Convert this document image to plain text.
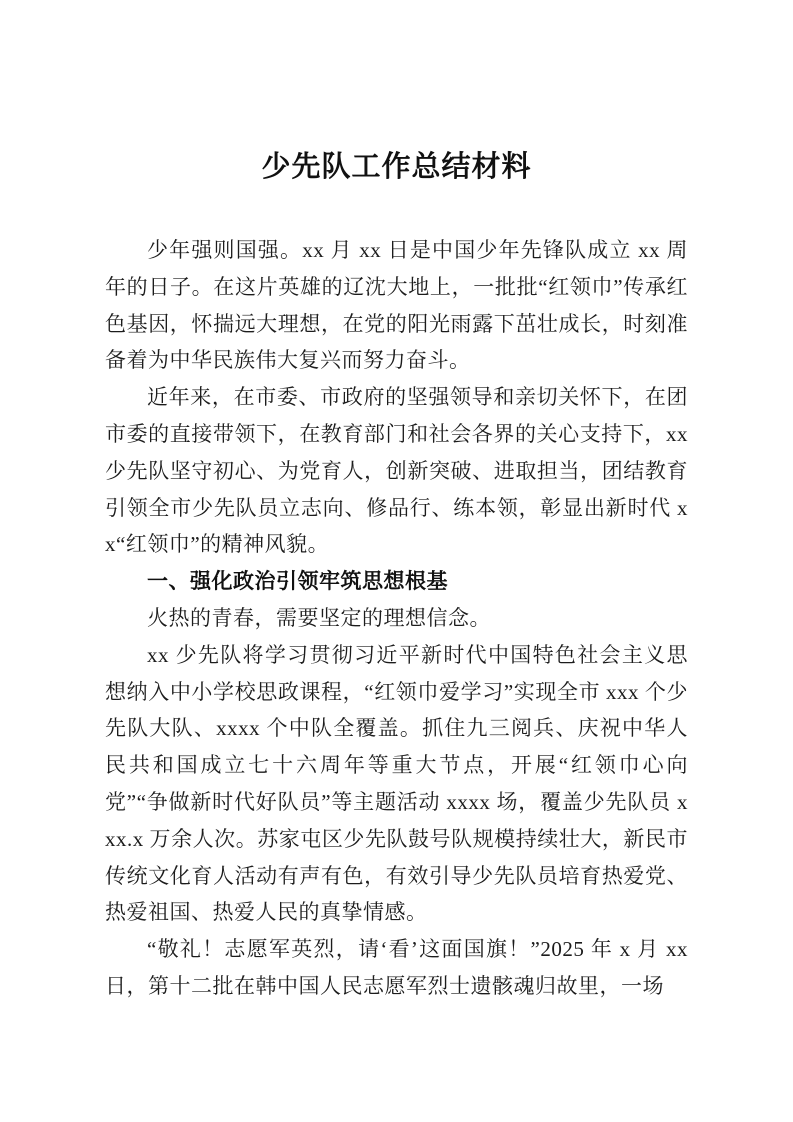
少先队工作总结材料

少年强则国强。xx 月 xx 日是中国少年先锋队成立 xx 周年的日子。在这片英雄的辽沈大地上，一批批“红领巾”传承红色基因，怀揣远大理想，在党的阳光雨露下茁壮成长，时刻准备着为中华民族伟大复兴而努力奋斗。

近年来，在市委、市政府的坚强领导和亲切关怀下，在团市委的直接带领下，在教育部门和社会各界的关心支持下，xx 少先队坚守初心、为党育人，创新突破、进取担当，团结教育引领全市少先队员立志向、修品行、练本领，彰显出新时代 xx“红领巾”的精神风貌。

一、强化政治引领牢筑思想根基

火热的青春，需要坚定的理想信念。

xx 少先队将学习贯彻习近平新时代中国特色社会主义思想纳入中小学校思政课程，“红领巾爱学习”实现全市 xxx 个少先队大队、xxxx 个中队全覆盖。抓住九三阅兵、庆祝中华人民共和国成立七十六周年等重大节点，开展“红领巾心向党”“争做新时代好队员”等主题活动 xxxx 场，覆盖少先队员 xxx.x 万余人次。苏家屯区少先队鼓号队规模持续壮大，新民市传统文化育人活动有声有色，有效引导少先队员培育热爱党、热爱祖国、热爱人民的真挚情感。

“敬礼！志愿军英烈，请‘看’这面国旗！”2025 年 x 月 xx 日，第十二批在韩中国人民志愿军烈士遗骸魂归故里，一场
